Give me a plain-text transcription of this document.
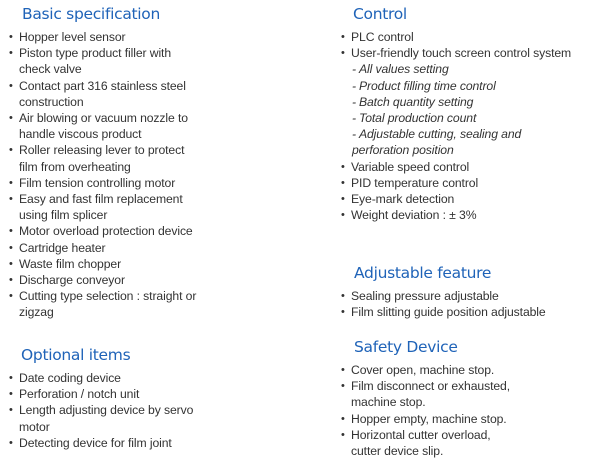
Basic specification
• Hopper level sensor
• Piston type product filler with check valve
• Contact part 316 stainless steel construction
• Air blowing or vacuum nozzle to handle viscous product
• Roller releasing lever to protect film from overheating
• Film tension controlling motor
• Easy and fast film replacement using film splicer
• Motor overload protection device
• Cartridge heater
• Waste film chopper
• Discharge conveyor
• Cutting type selection : straight or zigzag
Optional items
• Date coding device
• Perforation / notch unit
• Length adjusting device by servo motor
• Detecting device for film joint
Control
• PLC control
• User-friendly touch screen control system
- All values setting
- Product filling time control
- Batch quantity setting
- Total production count
- Adjustable cutting, sealing and perforation position
• Variable speed control
• PID temperature control
• Eye-mark detection
• Weight deviation : ± 3%
Adjustable feature
• Sealing pressure adjustable
• Film slitting guide position adjustable
Safety Device
• Cover open, machine stop.
• Film disconnect or exhausted, machine stop.
• Hopper empty, machine stop.
• Horizontal cutter overload, cutter device slip.
